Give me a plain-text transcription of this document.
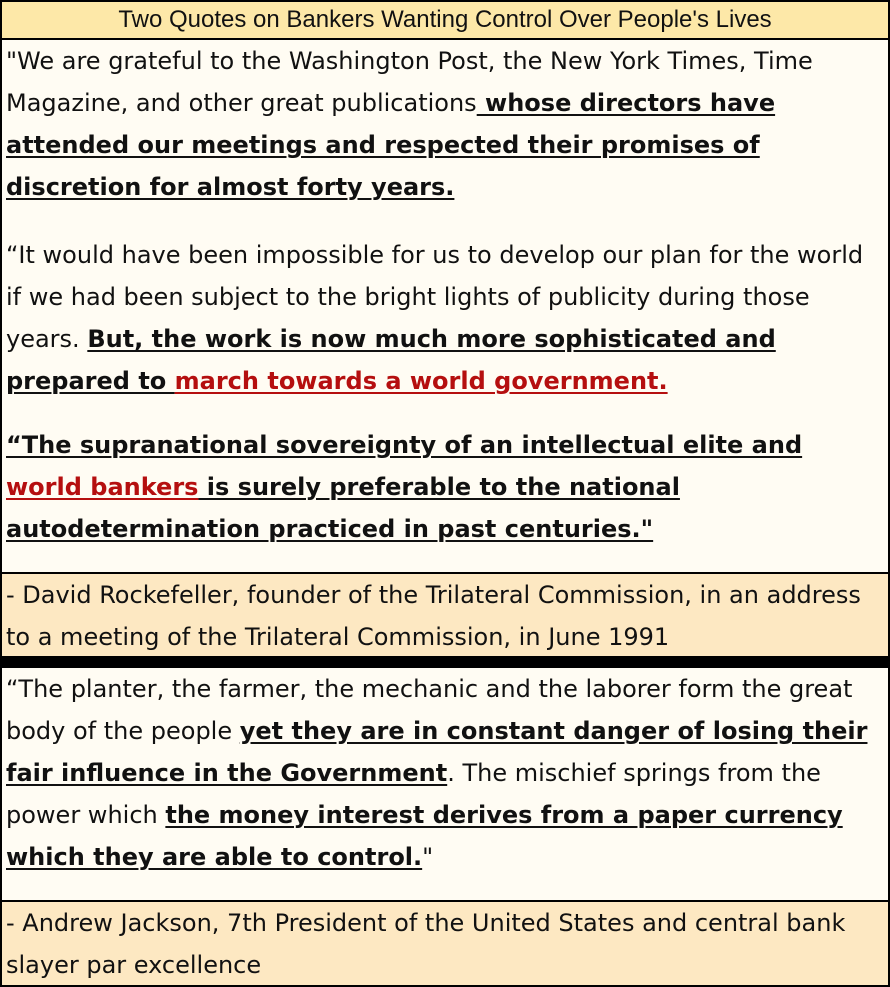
Two Quotes on Bankers Wanting Control Over People's Lives

"We are grateful to the Washington Post, the New York Times, Time Magazine, and other great publications whose directors have attended our meetings and respected their promises of discretion for almost forty years.

“It would have been impossible for us to develop our plan for the world if we had been subject to the bright lights of publicity during those years. But, the work is now much more sophisticated and prepared to march towards a world government.

“The supranational sovereignty of an intellectual elite and world bankers is surely preferable to the national autodetermination practiced in past centuries."

- David Rockefeller, founder of the Trilateral Commission, in an address to a meeting of the Trilateral Commission, in June 1991

“The planter, the farmer, the mechanic and the laborer form the great body of the people yet they are in constant danger of losing their fair influence in the Government. The mischief springs from the power which the money interest derives from a paper currency which they are able to control."

- Andrew Jackson, 7th President of the United States and central bank slayer par excellence
